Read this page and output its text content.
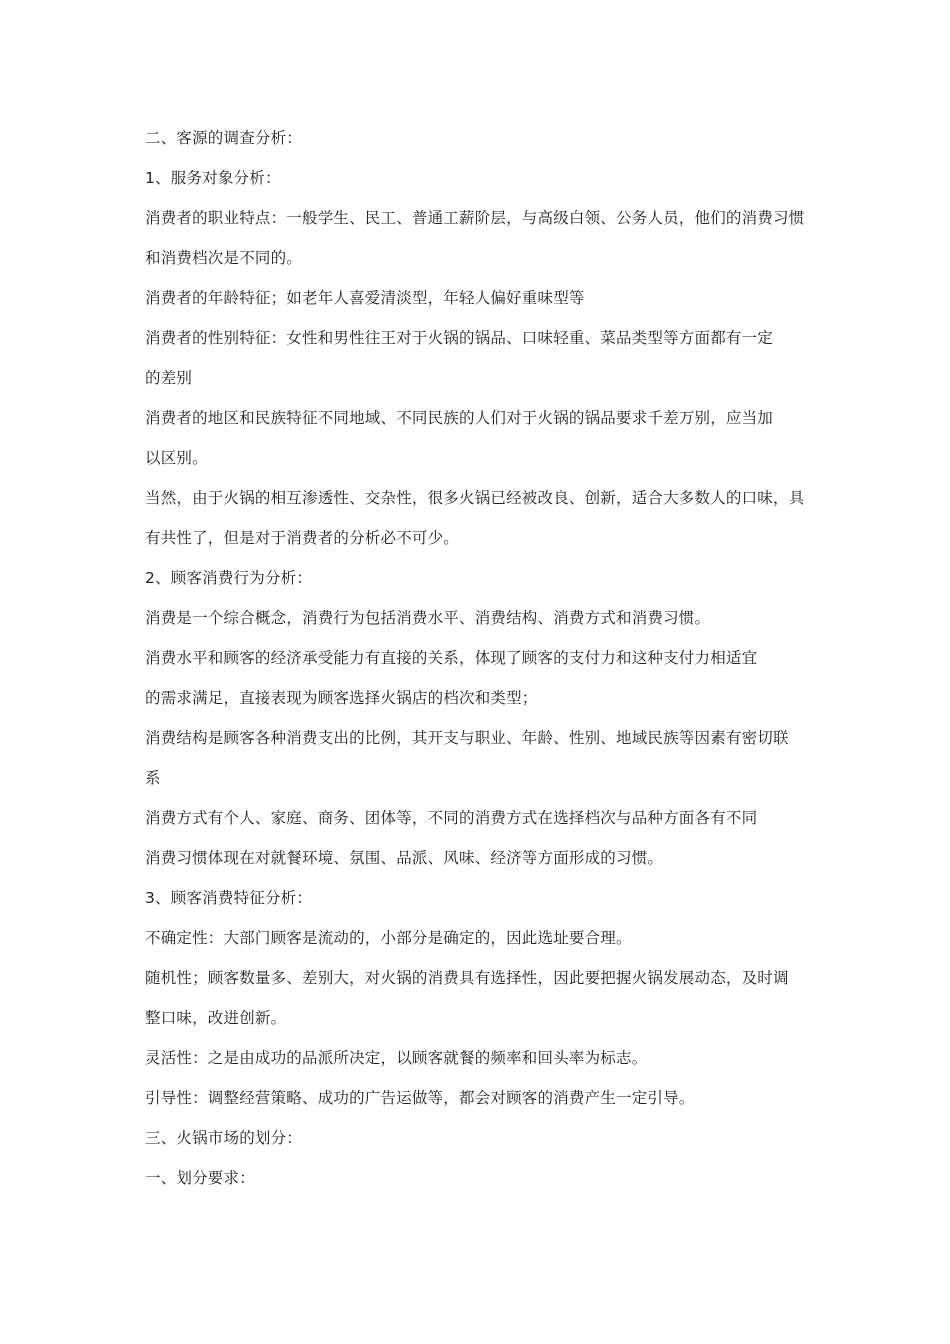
二、客源的调查分析：
1、服务对象分析：
消费者的职业特点：一般学生、民工、普通工薪阶层，与高级白领、公务人员，他们的消费习惯
和消费档次是不同的。
消费者的年龄特征；如老年人喜爱清淡型，年轻人偏好重味型等
消费者的性别特征：女性和男性往王对于火锅的锅品、口味轻重、菜品类型等方面都有一定
的差别
消费者的地区和民族特征不同地域、不同民族的人们对于火锅的锅品要求千差万别，应当加
以区别。
当然，由于火锅的相互渗透性、交杂性，很多火锅已经被改良、创新，适合大多数人的口味，具
有共性了，但是对于消费者的分析必不可少。
2、顾客消费行为分析：
消费是一个综合概念，消费行为包括消费水平、消费结构、消费方式和消费习惯。
消费水平和顾客的经济承受能力有直接的关系，体现了顾客的支付力和这种支付力相适宜
的需求满足，直接表现为顾客选择火锅店的档次和类型；
消费结构是顾客各种消费支出的比例，其开支与职业、年龄、性别、地域民族等因素有密切联
系
消费方式有个人、家庭、商务、团体等，不同的消费方式在选择档次与品种方面各有不同
消费习惯体现在对就餐环境、氛围、品派、风味、经济等方面形成的习惯。
3、顾客消费特征分析：
不确定性：大部门顾客是流动的，小部分是确定的，因此选址要合理。
随机性；顾客数量多、差别大，对火锅的消费具有选择性，因此要把握火锅发展动态，及时调
整口味，改进创新。
灵活性：之是由成功的品派所决定，以顾客就餐的频率和回头率为标志。
引导性：调整经营策略、成功的广告运做等，都会对顾客的消费产生一定引导。
三、火锅市场的划分：
一、划分要求：
